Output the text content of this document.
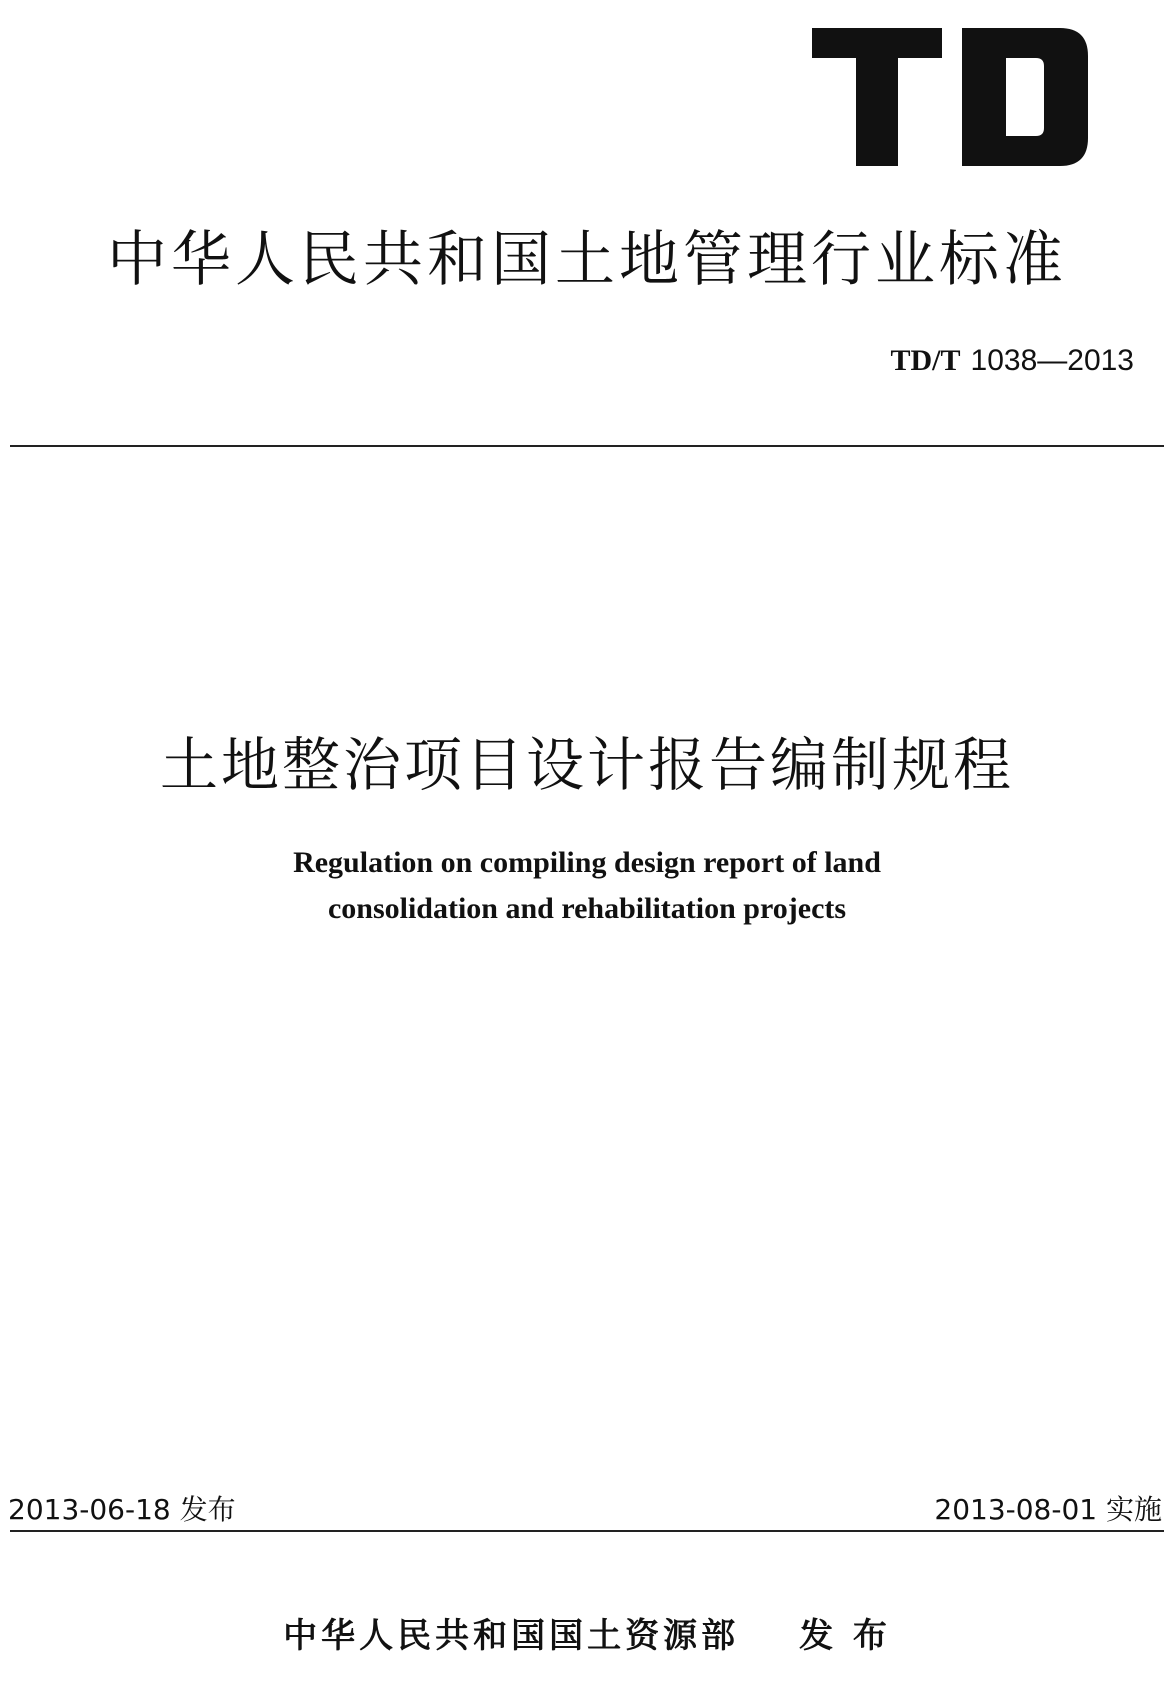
中华人民共和国土地管理行业标准
TD/T 1038—2013
土地整治项目设计报告编制规程
Regulation on compiling design report of land
consolidation and rehabilitation projects
2013-06-18 发布	2013-08-01 实施
中华人民共和国国土资源部 发 布
